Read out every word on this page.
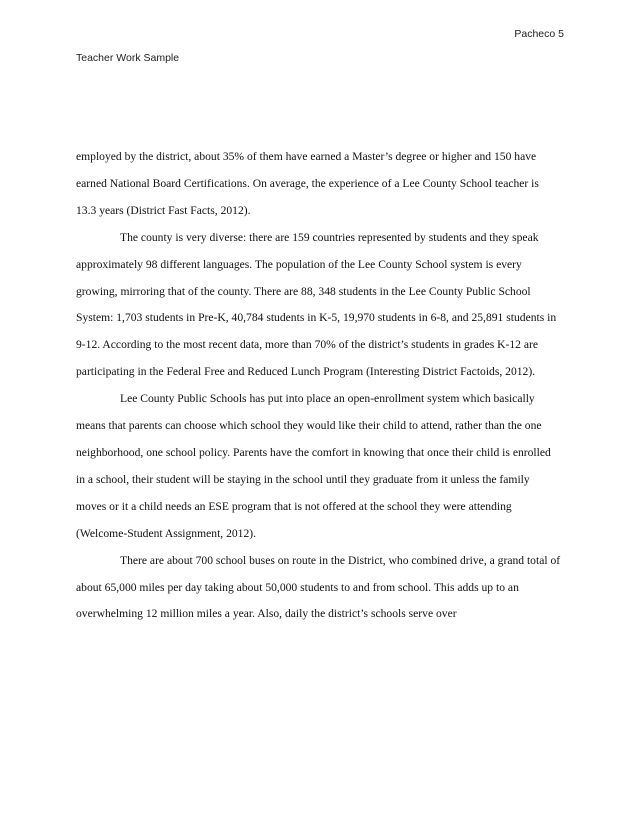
Pacheco 5
Teacher Work Sample

employed by the district, about 35% of them have earned a Master’s degree or higher and 150 have earned National Board Certifications. On average, the experience of a Lee County School teacher is 13.3 years (District Fast Facts, 2012).

The county is very diverse: there are 159 countries represented by students and they speak approximately 98 different languages. The population of the Lee County School system is every growing, mirroring that of the county. There are 88, 348 students in the Lee County Public School System: 1,703 students in Pre-K, 40,784 students in K-5, 19,970 students in 6-8, and 25,891 students in 9-12. According to the most recent data, more than 70% of the district’s students in grades K-12 are participating in the Federal Free and Reduced Lunch Program (Interesting District Factoids, 2012).

Lee County Public Schools has put into place an open-enrollment system which basically means that parents can choose which school they would like their child to attend, rather than the one neighborhood, one school policy. Parents have the comfort in knowing that once their child is enrolled in a school, their student will be staying in the school until they graduate from it unless the family moves or it a child needs an ESE program that is not offered at the school they were attending (Welcome-Student Assignment, 2012).

There are about 700 school buses on route in the District, who combined drive, a grand total of about 65,000 miles per day taking about 50,000 students to and from school. This adds up to an overwhelming 12 million miles a year. Also, daily the district’s schools serve over
